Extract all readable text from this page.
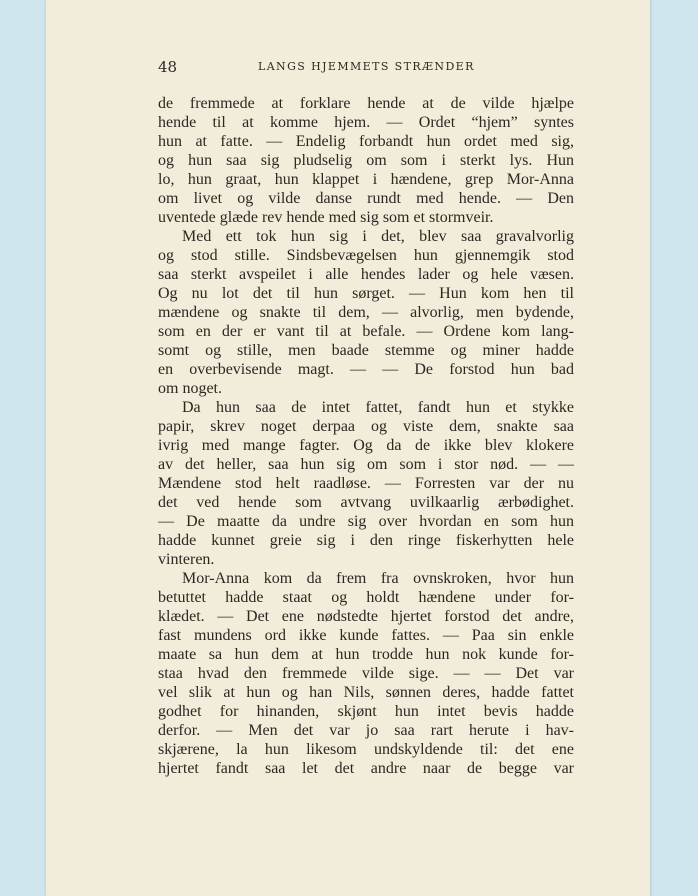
48	LANGS HJEMMETS STRÆNDER
de fremmede at forklare hende at de vilde hjælpe
hende til at komme hjem. — Ordet “hjem” syntes
hun at fatte. — Endelig forbandt hun ordet med sig,
og hun saa sig pludselig om som i sterkt lys. Hun
lo, hun graat, hun klappet i hændene, grep Mor-Anna
om livet og vilde danse rundt med hende. — Den
uventede glæde rev hende med sig som et stormveir.
Med ett tok hun sig i det, blev saa gravalvorlig
og stod stille. Sindsbevægelsen hun gjennemgik stod
saa sterkt avspeilet i alle hendes lader og hele væsen.
Og nu lot det til hun sørget. — Hun kom hen til
mændene og snakte til dem, — alvorlig, men bydende,
som en der er vant til at befale. — Ordene kom lang-
somt og stille, men baade stemme og miner hadde
en overbevisende magt. — — De forstod hun bad
om noget.
Da hun saa de intet fattet, fandt hun et stykke
papir, skrev noget derpaa og viste dem, snakte saa
ivrig med mange fagter. Og da de ikke blev klokere
av det heller, saa hun sig om som i stor nød. — —
Mændene stod helt raadløse. — Forresten var der nu
det ved hende som avtvang uvilkaarlig ærbødighet.
— De maatte da undre sig over hvordan en som hun
hadde kunnet greie sig i den ringe fiskerhytten hele
vinteren.
Mor-Anna kom da frem fra ovnskroken, hvor hun
betuttet hadde staat og holdt hændene under for-
klædet. — Det ene nødstedte hjertet forstod det andre,
fast mundens ord ikke kunde fattes. — Paa sin enkle
maate sa hun dem at hun trodde hun nok kunde for-
staa hvad den fremmede vilde sige. — — Det var
vel slik at hun og han Nils, sønnen deres, hadde fattet
godhet for hinanden, skjønt hun intet bevis hadde
derfor. — Men det var jo saa rart herute i hav-
skjærene, la hun likesom undskyldende til: det ene
hjertet fandt saa let det andre naar de begge var
